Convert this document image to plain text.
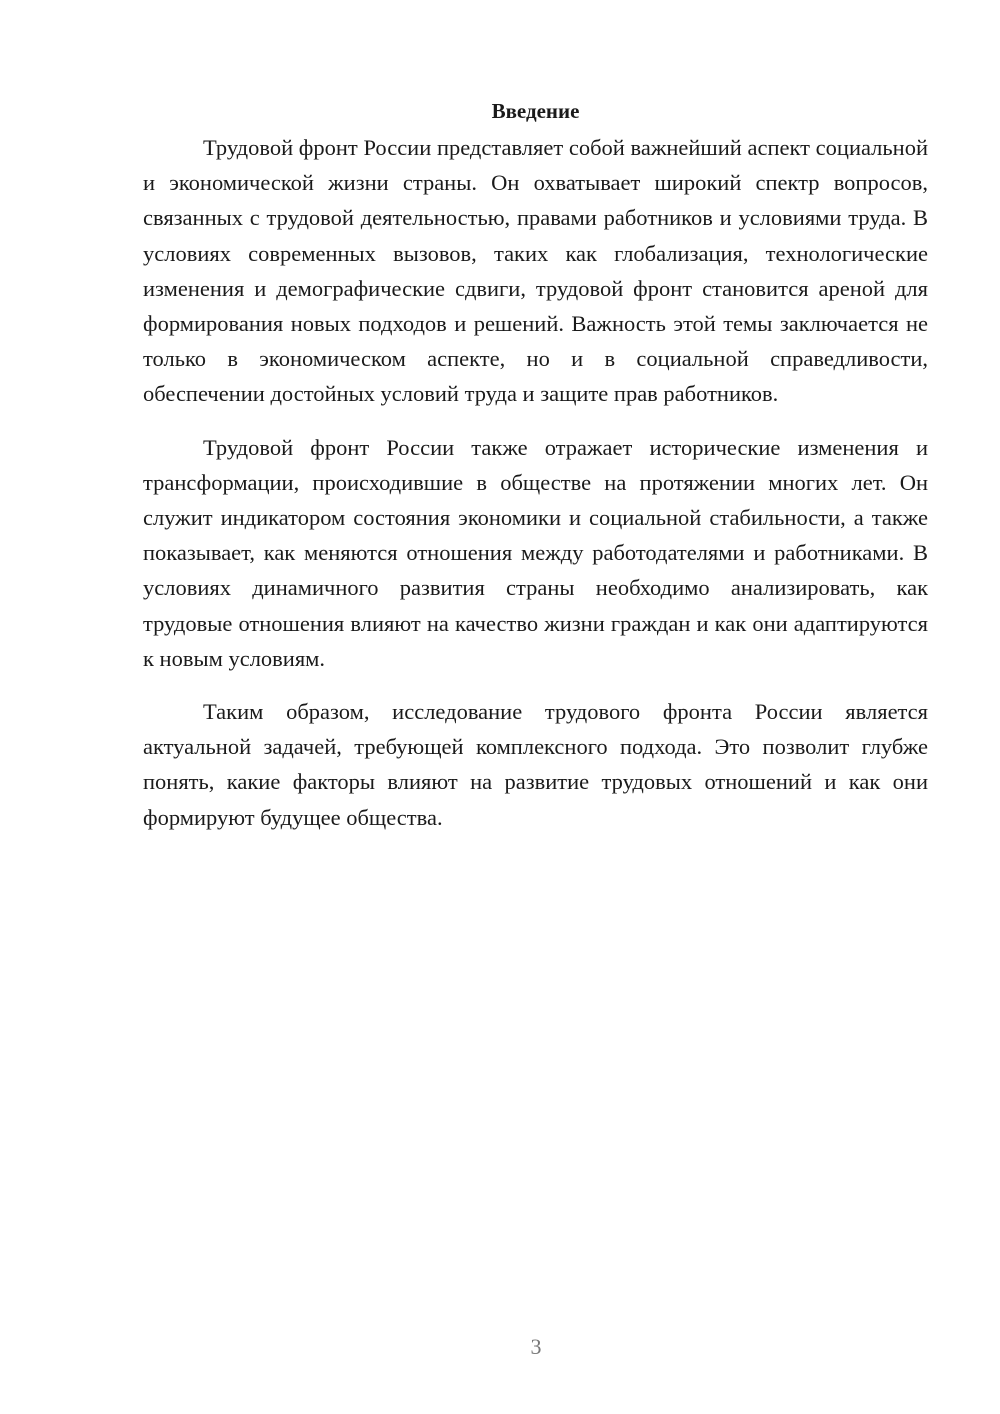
Введение

Трудовой фронт России представляет собой важнейший аспект социальной и экономической жизни страны. Он охватывает широкий спектр вопросов, связанных с трудовой деятельностью, правами работников и условиями труда. В условиях современных вызовов, таких как глобализация, технологические изменения и демографические сдвиги, трудовой фронт становится ареной для формирования новых подходов и решений. Важность этой темы заключается не только в экономическом аспекте, но и в социальной справедливости, обеспечении достойных условий труда и защите прав работников.

Трудовой фронт России также отражает исторические изменения и трансформации, происходившие в обществе на протяжении многих лет. Он служит индикатором состояния экономики и социальной стабильности, а также показывает, как меняются отношения между работодателями и работниками. В условиях динамичного развития страны необходимо анализировать, как трудовые отношения влияют на качество жизни граждан и как они адаптируются к новым условиям.

Таким образом, исследование трудового фронта России является актуальной задачей, требующей комплексного подхода. Это позволит глубже понять, какие факторы влияют на развитие трудовых отношений и как они формируют будущее общества.

3
